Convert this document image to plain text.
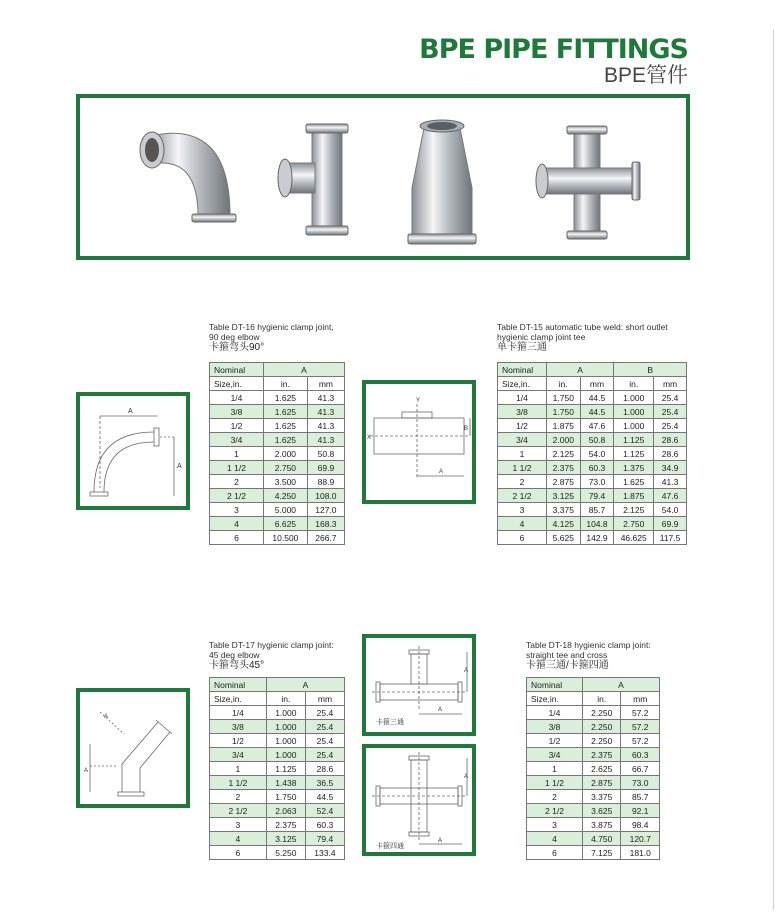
BPE PIPE FITTINGS
BPE管件
A
A
Table DT-16 hygienic clamp joint,
90 deg elbow
卡箍弯头90°
Nominal	A	
Size,in.	in.	mm
1/4	1.625	41.3
3/8	1.625	41.3
1/2	1.625	41.3
3/4	1.625	41.3
1	2.000	50.8
1 1/2	2.750	69.9
2	3.500	88.9
2 1/2	4.250	108.0
3	5.000	127.0
4	6.625	168.3
6	10.500	266.7
Y
X
B
A
Table DT-15 automatic tube weld: short outlet
hygienic clamp joint tee
单卡箍三通
Nominal	A		B	
Size,in.	in.	mm	in.	mm
1/4	1.750	44.5	1.000	25.4
3/8	1.750	44.5	1.000	25.4
1/2	1.875	47.6	1.000	25.4
3/4	2.000	50.8	1.125	28.6
1	2.125	54.0	1.125	28.6
1 1/2	2.375	60.3	1.375	34.9
2	2.875	73.0	1.625	41.3
2 1/2	3.125	79.4	1.875	47.6
3	3.375	85.7	2.125	54.0
4	4.125	104.8	2.750	69.9
6	5.625	142.9	46.625	117.5
A
A
Table DT-17 hygienic clamp joint:
45 deg elbow
卡箍弯头45°
Nominal	A	
Size,in.	in.	mm
1/4	1.000	25.4
3/8	1.000	25.4
1/2	1.000	25.4
3/4	1.000	25.4
1	1.125	28.6
1 1/2	1.438	36.5
2	1.750	44.5
2 1/2	2.063	52.4
3	2.375	60.3
4	3.125	79.4
6	5.250	133.4
A
A
卡箍三通
A
A
卡箍四通
Table DT-18 hygienic clamp joint:
straight tee and cross
卡箍三通/卡箍四通
Nominal	A	
Size,in.	in.	mm
1/4	2.250	57.2
3/8	2.250	57.2
1/2	2.250	57.2
3/4	2.375	60.3
1	2.625	66.7
1 1/2	2.875	73.0
2	3.375	85.7
2 1/2	3.625	92.1
3	3.875	98.4
4	4.750	120.7
6	7.125	181.0
